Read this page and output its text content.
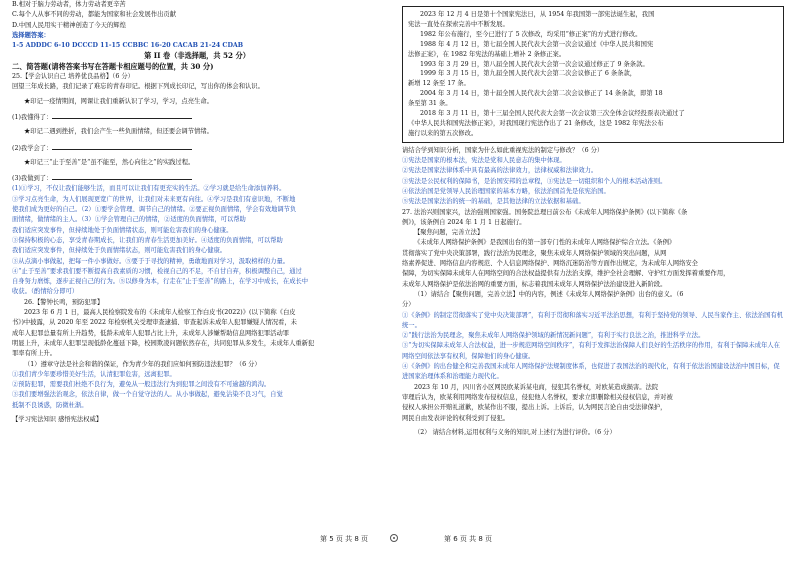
B.相对于脑力劳动者，体力劳动者更辛苦
C.每个人从事不同的劳动，都能为国家和社会发展作出贡献
D.中国人民用实干精神创造了今天的辉煌
选择题答案：
1-5 ADDDC 6-10 DCCCD 11-15 CCBBC 16-20 CACAB 21-24 CDAB
第 II 卷（非选择题，共 52 分）
二、简答题(请将答案书写在答题卡相应题号的位置，共 30 分)
25.【学会认识自己 培养优良品格】（6 分）
回望三年成长路，我们记录了难忘的青春印记。根据下列成长印记，写出你的体会和认识。
★印记一疫情期间，网课让我们重新认识了学习，学习，点亮生命。
(1)我懂得了：
★印记二遇到挫折，我们会产生一些负面情绪，但还要会调节情绪。
(2)我学会了：
★印记三“止于至善”是“虽不能至，然心向往之”的实践过程。
(3)我做到了：
(1)①学习，不仅让我们能够生活，而且可以让我们有更充实的生活。②学习就是给生命添加养料。
③学习点亮生命，为人们展现更宽广的世界，让我们对未来更有向往。④学习是我们有意识地，不断地
使我们成为更好的自己。（2）①要学会管理、调节自己的情绪。②要正视负面情绪，学会有效地调节负
面情绪，做情绪的主人。（3）①学会管理自己的情绪，②适度的负面情绪，可以帮助
我们适应突发事件，但持续地处于负面情绪状态，则可能危害我们的身心健康。
③保持积极的心态，享受青春期成长，让我们的青春生活更加美好。④适度的负面情绪，可以帮助
我们适应突发事件，但持续处于负面情绪状态，则可能危害我们的身心健康。
③从点滴小事做起，把每一件小事做好。⑤要于于寻找的精神，勇敢地面对学习，汲取榜样的力量。
④“止于至善”要求我们要不断提高自我素质的习惯，检视自己的不足，不自甘自弃，积极调整自己，通过
自身努力磨炼，逐步正视自己的行为。⑤以修身为本，行走在“止于至善”的路上，在学习中成长，在成长中
收获。（酌情给分即可）
26.【警钟长鸣，预防犯罪】
2023 年 6 月 1 日，最高人民检察院发布的《未成年人检察工作白皮书(2022)》(以下简称《白皮
书》)中披露，从 2020 年至 2022 年检察机关受理审查逮捕、审查起诉未成年人犯罪嫌疑人情况看，未
成年人犯罪总量有所上升趋势，低龄未成年人犯罪占比上升，未成年人涉嫌帮助信息网络犯罪活动罪
明显上升，未成年人犯罪呈现低龄化蔓延下降，校园欺凌问题依然存在，共同犯罪从多发生，未成年人重新犯
罪率有所上升。
（1）遵章守法是社会和谐的保证，作为青少年的我们应如何预防违法犯罪？（6 分）
①我们青少年要珍惜美好生活，认清犯罪危害，远离犯罪。
②预防犯罪，需要我们杜绝不良行为，避免从一般违法行为到犯罪之间没有不可逾越的鸿沟。
③我们要增强法治观念，依法自律，做一个自觉守法的人。从小事做起，避免沾染不良习气，自觉
抵制不良诱惑，防微杜渐。
【学习宪法知识 感悟宪法权威】
2023 年 12 月 4 日是第十个国家宪法日，从 1954 年我国第一部宪法诞生起，我国
宪法一直处在探索完善中不断发展。
1982 年公布施行，至今已进行了 5 次修改，均采用“修正案”的方式进行修改。
1988 年 4 月 12 日，第七届全国人民代表大会第一次会议通过《中华人民共和国宪
法修正案》，在 1982 年宪法的基础上增补 2 条修正案。
1993 年 3 月 29 日，第八届全国人民代表大会第一次会议通过修正了 9 条条款。
1999 年 3 月 15 日，第九届全国人民代表大会第二次会议修正了 6 条条款，
新增 12 条至 17 条。
2004 年 3 月 14 日，第十届全国人民代表大会第二次会议修正了 14 条条款，即第 18
条至第 31 条。
2018 年 3 月 11 日，第十三届全国人民代表大会第一次会议第三次全体会议经投票表决通过了
《中华人民共和国宪法修正案》，对我国现行宪法作出了 21 条修改，这是 1982 年宪法公布
施行以来的第五次修改。
请结合学到知识分析，国家为什么如此重视宪法的制定与修改？（6 分）
①宪法是国家的根本法，宪法是党和人民意志的集中体现。
②宪法是国家法律体系中具有最高的法律效力，法律权威和法律效力。
③宪法是公民权利的保障书，是治国安邦的总章程，③宪法是一切组织和个人的根本活动准则。
④依法治国是党领导人民治理国家的基本方略，依法治国首先是依宪治国。
⑤宪法是国家法治的统一的基础，是其他法律的立法依据和基础。
27. 法治兴则国家兴，法治强则国家强。国务院总理日前公布《未成年人网络保护条例》(以下简称《条
例》)，该条例自 2024 年 1 月 1 日起施行。
【聚焦问题，完善立法】
《未成年人网络保护条例》是我国出台的第一部专门性的未成年人网络保护综合立法。《条例》
贯彻落实了党中央决策部署，践行法治为民理念，聚焦未成年人网络保护领域的突出问题，从网
络素养促进、网络信息内容规范、个人信息网络保护、网络沉迷防治等方面作出规定，为未成年人网络安全
保障，为切实保障未成年人在网络空间的合法权益提供有力法治支撑，维护全社会理解、守护红方面发挥着重要作用，
未成年人网络保护是依法治网的重要方面，标志着我国未成年人网络保护法治建设进入新阶段。
（1）请结合【聚焦问题，完善立法】中的内容，例述《未成年人网络保护条例》出台的意义。（6
分）
①《条例》的制定贯彻落实了党中央决策部署”，有利于贯彻和落实习近平法治思想，有利于坚持党的领导、人民当家作主、依法治国有机统一。
②“践行法治为民理念，聚焦未成年人网络保护领域的新情况新问题”，有利于实行良法之治，推进科学立法。
③“为切实保障未成年人合法权益，进一步规范网络空间秩序”，有利于发挥法治保障人们良好的生活秩序的作用，有利于保障未成年人在网络空间依法享有权利，保障他们的身心健康。
④《条例》的出台健全和完善我国未成年人网络保护法规制度体系，也促进了我国法治的现代化，有利于依法治国建设法治中国目标，促进国家治理体系和治理能力现代化。
2023 年 10 月，四川省小区网民欧某诉某电商，侵犯其名誉权，对欧某造成损害。法院
审理后认为，欧某利用网络发布侵权信息，侵犯他人名誉权，要求立即删除相关侵权信息，并对被
侵权人承担公开赔礼道歉，欧某作出不服，提出上诉。上诉后，认为网民言论自由受法律保护，
网民自由发表评论的权利受到了侵犯。
（2） 请结合材料,运用权利与义务的知识,对上述行为进行评价。（6 分）
第 5 页 共 8 页	第 6 页 共 8 页
